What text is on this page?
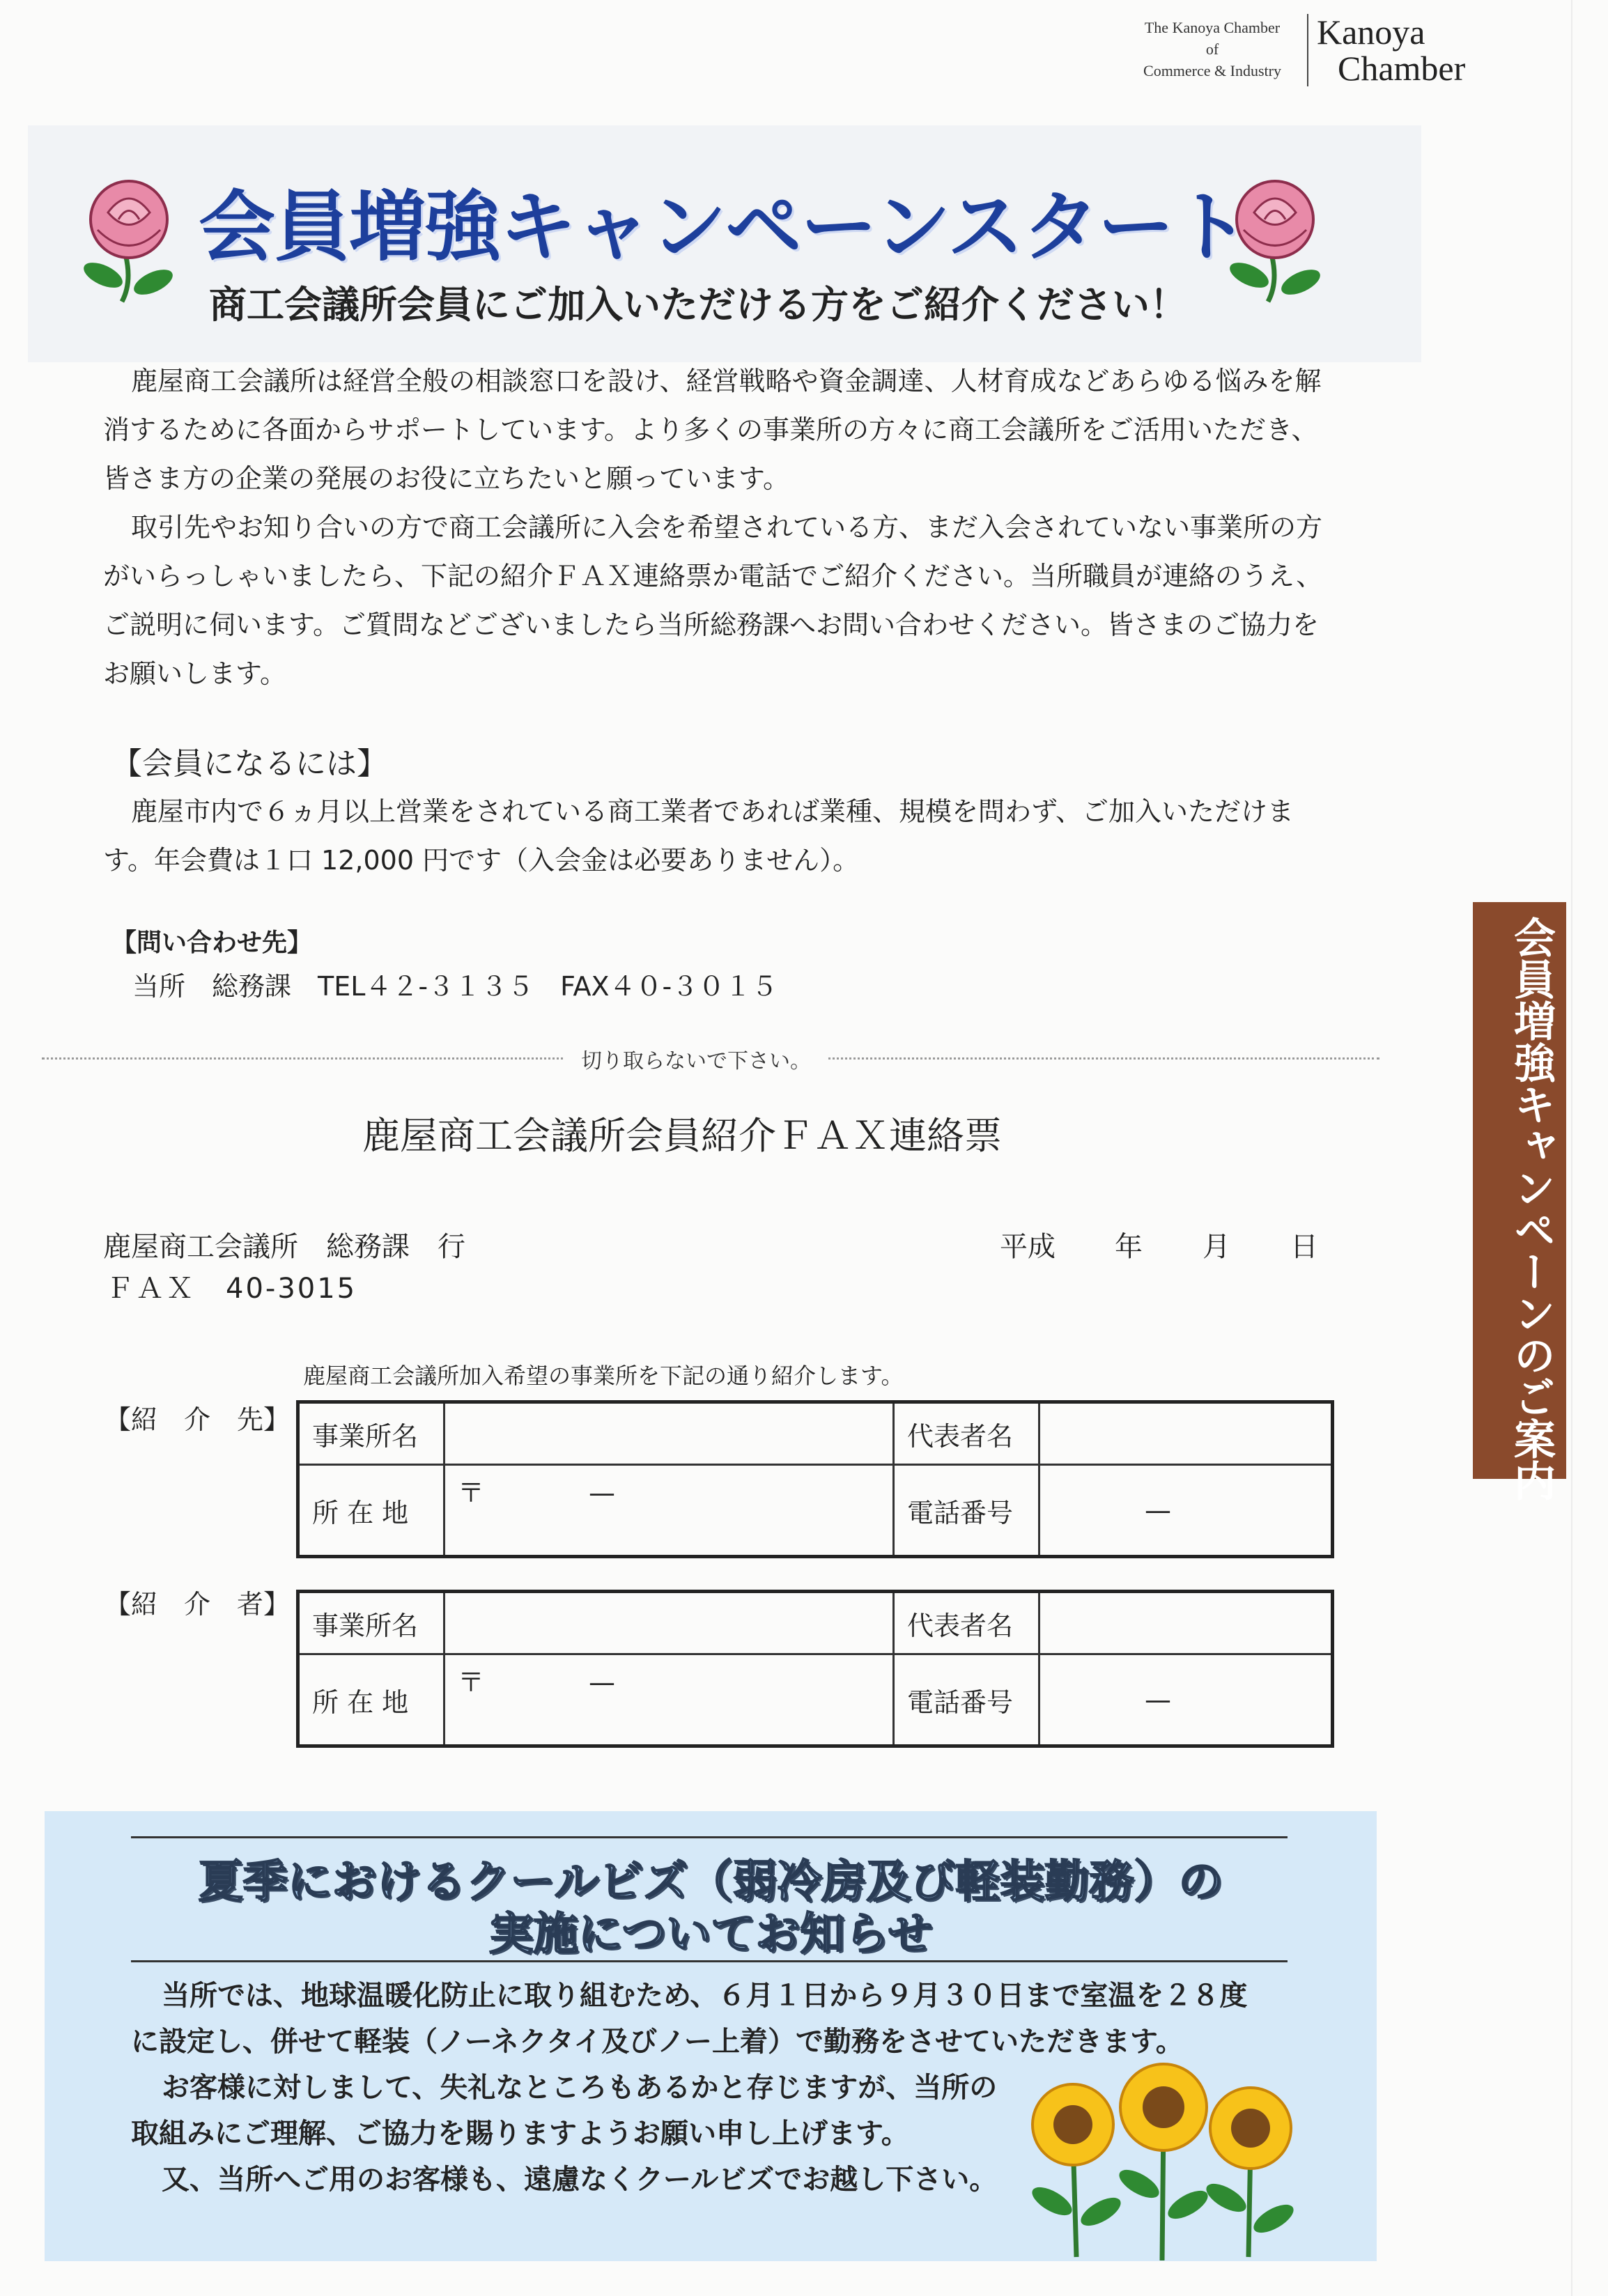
The Kanoya Chamber
of
Commerce & Industry
Kanoya
Chamber
会員増強キャンペーンスタート
商工会議所会員にご加入いただける方をご紹介ください！

鹿屋商工会議所は経営全般の相談窓口を設け、経営戦略や資金調達、人材育成などあらゆる悩みを解消するために各面からサポートしています。より多くの事業所の方々に商工会議所をご活用いただき、皆さま方の企業の発展のお役に立ちたいと願っています。

取引先やお知り合いの方で商工会議所に入会を希望されている方、まだ入会されていない事業所の方がいらっしゃいましたら、下記の紹介ＦＡＸ連絡票か電話でご紹介ください。当所職員が連絡のうえ、ご説明に伺います。ご質問などございましたら当所総務課へお問い合わせください。皆さまのご協力をお願いします。

【会員になるには】

鹿屋市内で６ヵ月以上営業をされている商工業者であれば業種、規模を問わず、ご加入いただけます。年会費は１口 12,000 円です（入会金は必要ありません）。

【問い合わせ先】
当所　総務課　TEL４２-３１３５　FAX４０-３０１５
切り取らないで下さい。
鹿屋商工会議所会員紹介ＦＡＸ連絡票
鹿屋商工会議所　総務課　行
ＦＡＸ　40-3015
平成 年 月 日
鹿屋商工会議所加入希望の事業所を下記の通り紹介します。
【紹　介　先】
事業所名		代表者名	
所 在 地	〒 —	電話番号	—
【紹　介　者】
事業所名		代表者名	
所 在 地	〒 —	電話番号	—
夏季におけるクールビズ（弱冷房及び軽装勤務）の
実施についてお知らせ
当所では、地球温暖化防止に取り組むため、６月１日から９月３０日まで室温を２８度
に設定し、併せて軽装（ノーネクタイ及びノー上着）で勤務をさせていただきます。
お客様に対しまして、失礼なところもあるかと存じますが、当所の
取組みにご理解、ご協力を賜りますようお願い申し上げます。
又、当所へご用のお客様も、遠慮なくクールビズでお越し下さい。
会員増強キャンペーンのご案内
